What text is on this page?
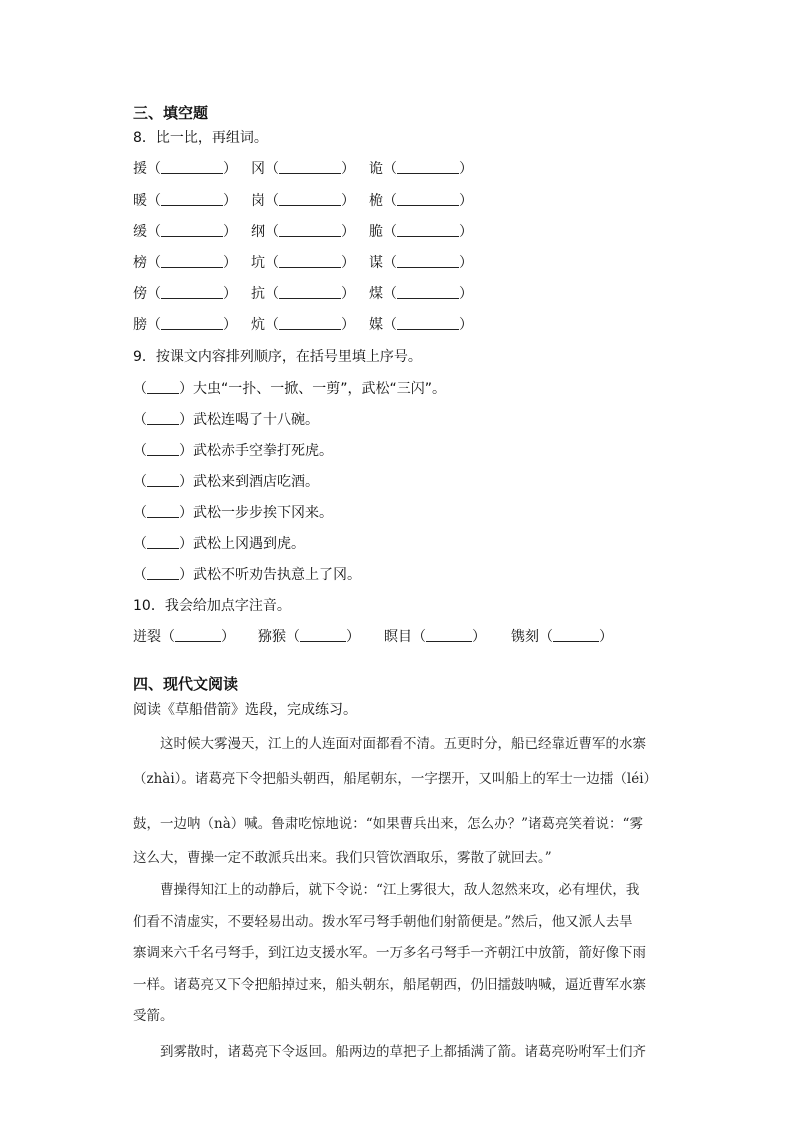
三、填空题
8．比一比，再组词。
援（	） 冈（	） 诡（	）
暖（	） 岗（	） 桅（	）
缓（	） 纲（	） 脆（	）
榜（	） 坑（	） 谋（	）
傍（	） 抗（	） 煤（	）
膀（	） 炕（	） 媒（	）
9．按课文内容排列顺序，在括号里填上序号。
（ ）大虫“一扑、一掀、一剪”，武松“三闪”。
（ ）武松连喝了十八碗。
（ ）武松赤手空拳打死虎。
（ ）武松来到酒店吃酒。
（ ）武松一步步挨下冈来。
（ ）武松上冈遇到虎。
（ ）武松不听劝告执意上了冈。
10．我会给加点字注音。
迸裂（	） 猕猴（	） 瞑目（	） 镌刻（	）
四、现代文阅读
阅读《草船借箭》选段，完成练习。
这时候大雾漫天，江上的人连面对面都看不清。五更时分，船已经靠近曹军的水寨
（zhài）。诸葛亮下令把船头朝西，船尾朝东，一字摆开，又叫船上的军士一边擂（léi）
鼓，一边呐（nà）喊。鲁肃吃惊地说：“如果曹兵出来，怎么办？”诸葛亮笑着说：“雾
这么大，曹操一定不敢派兵出来。我们只管饮酒取乐，雾散了就回去。”
曹操得知江上的动静后，就下令说：“江上雾很大，敌人忽然来攻，必有埋伏，我
们看不清虚实，不要轻易出动。拨水军弓弩手朝他们射箭便是。”然后，他又派人去旱
寨调来六千名弓弩手，到江边支援水军。一万多名弓弩手一齐朝江中放箭，箭好像下雨
一样。诸葛亮又下令把船掉过来，船头朝东，船尾朝西，仍旧擂鼓呐喊，逼近曹军水寨
受箭。
到雾散时，诸葛亮下令返回。船两边的草把子上都插满了箭。诸葛亮吩咐军士们齐
